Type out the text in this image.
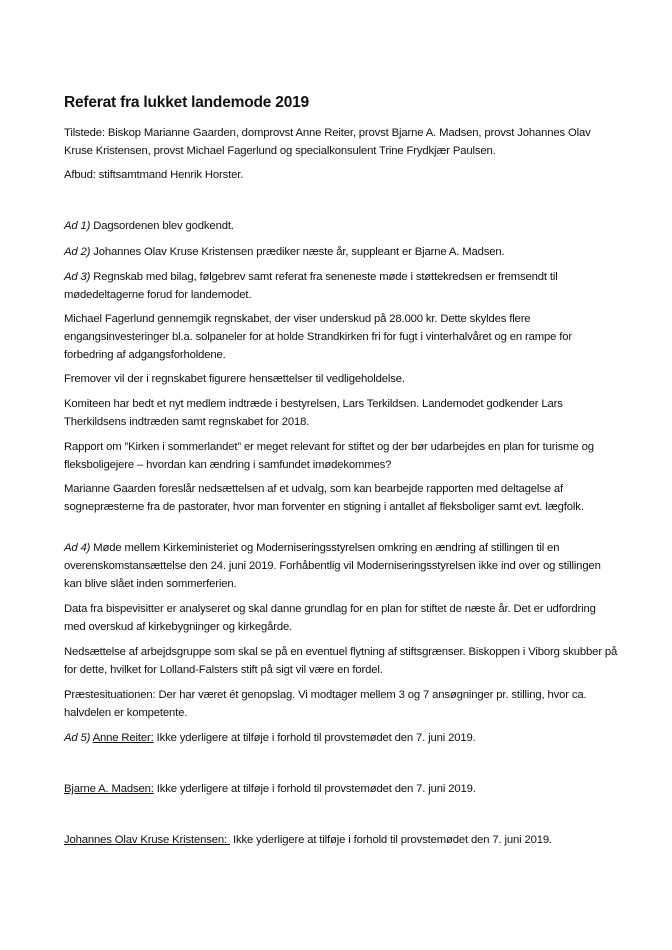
Referat fra lukket landemode 2019
Tilstede: Biskop Marianne Gaarden, domprovst Anne Reiter, provst Bjarne A. Madsen, provst Johannes Olav Kruse Kristensen, provst Michael Fagerlund og specialkonsulent Trine Frydkjær Paulsen.
Afbud: stiftsamtmand Henrik Horster.
Ad 1) Dagsordenen blev godkendt.
Ad 2) Johannes Olav Kruse Kristensen prædiker næste år, suppleant er Bjarne A. Madsen.
Ad 3) Regnskab med bilag, følgebrev samt referat fra seneneste møde i støttekredsen er fremsendt til mødedeltagerne forud for landemodet.
Michael Fagerlund gennemgik regnskabet, der viser underskud på 28.000 kr. Dette skyldes flere engangsinvesteringer bl.a. solpaneler for at holde Strandkirken fri for fugt i vinterhalvåret og en rampe for forbedring af adgangsforholdene.
Fremover vil der i regnskabet figurere hensættelser til vedligeholdelse.
Komiteen har bedt et nyt medlem indtræde i bestyrelsen, Lars Terkildsen. Landemodet godkender Lars Therkildsens indtræden samt regnskabet for 2018.
Rapport om ”Kirken i sommerlandet” er meget relevant for stiftet og der bør udarbejdes en plan for turisme og fleksboligejere – hvordan kan ændring i samfundet imødekommes?
Marianne Gaarden foreslår nedsættelsen af et udvalg, som kan bearbejde rapporten med deltagelse af sognepræsterne fra de pastorater, hvor man forventer en stigning i antallet af fleksboliger samt evt. lægfolk.
Ad 4) Møde mellem Kirkeministeriet og Moderniseringsstyrelsen omkring en ændring af stillingen til en overenskomstansættelse den 24. juni 2019. Forhåbentlig vil Moderniseringsstyrelsen ikke ind over og stillingen kan blive slået inden sommerferien.
Data fra bispevisitter er analyseret og skal danne grundlag for en plan for stiftet de næste år. Det er udfordring med overskud af kirkebygninger og kirkegårde.
Nedsættelse af arbejdsgruppe som skal se på en eventuel flytning af stiftsgrænser. Biskoppen i Viborg skubber på for dette, hvilket for Lolland-Falsters stift på sigt vil være en fordel.
Præstesituationen: Der har været ét genopslag. Vi modtager mellem 3 og 7 ansøgninger pr. stilling, hvor ca. halvdelen er kompetente.
Ad 5) Anne Reiter: Ikke yderligere at tilføje i forhold til provstemødet den 7. juni 2019.
Bjarne A. Madsen: Ikke yderligere at tilføje i forhold til provstemødet den 7. juni 2019.
Johannes Olav Kruse Kristensen:  Ikke yderligere at tilføje i forhold til provstemødet den 7. juni 2019.
